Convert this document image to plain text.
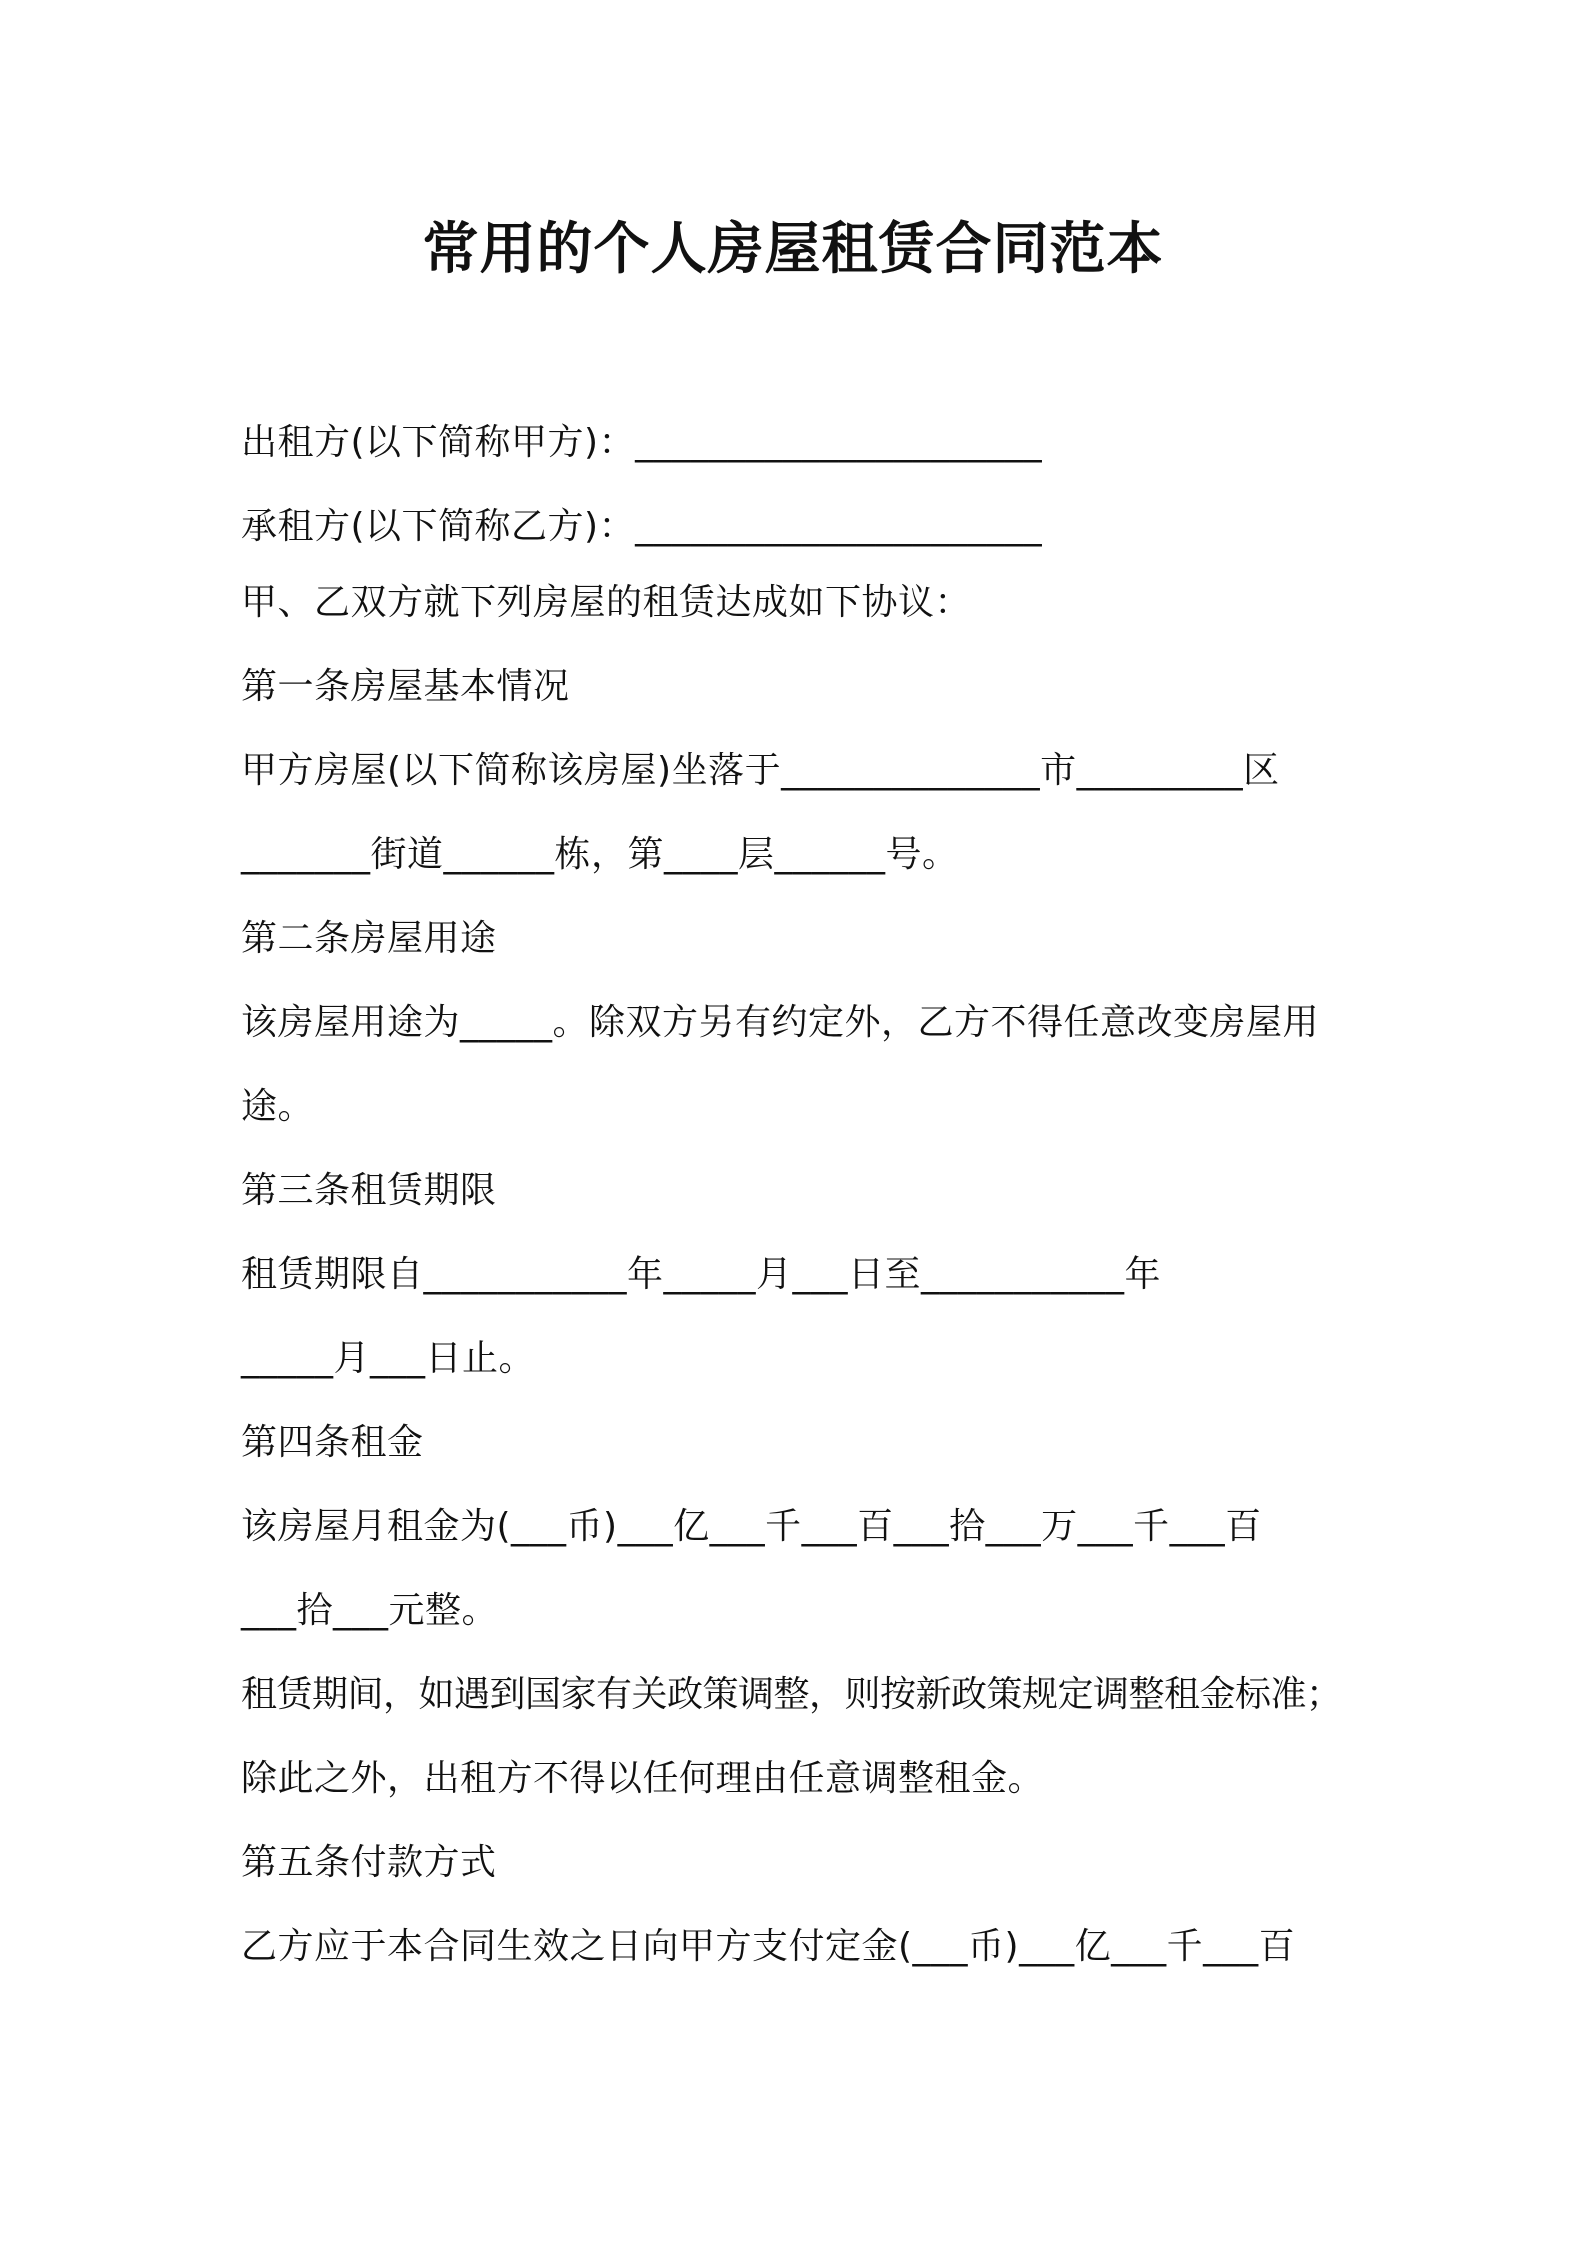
常用的个人房屋租赁合同范本
出租方(以下简称甲方)：______________________
承租方(以下简称乙方)：______________________
甲、乙双方就下列房屋的租赁达成如下协议：
第一条房屋基本情况
甲方房屋(以下简称该房屋)坐落于______________市_________区
_______街道______栋，第____层______号。
第二条房屋用途
该房屋用途为_____。除双方另有约定外，乙方不得任意改变房屋用
途。
第三条租赁期限
租赁期限自___________年_____月___日至___________年
_____月___日止。
第四条租金
该房屋月租金为(___币)___亿___千___百___拾___万___千___百
___拾___元整。
租赁期间，如遇到国家有关政策调整，则按新政策规定调整租金标准；
除此之外，出租方不得以任何理由任意调整租金。
第五条付款方式
乙方应于本合同生效之日向甲方支付定金(___币)___亿___千___百
